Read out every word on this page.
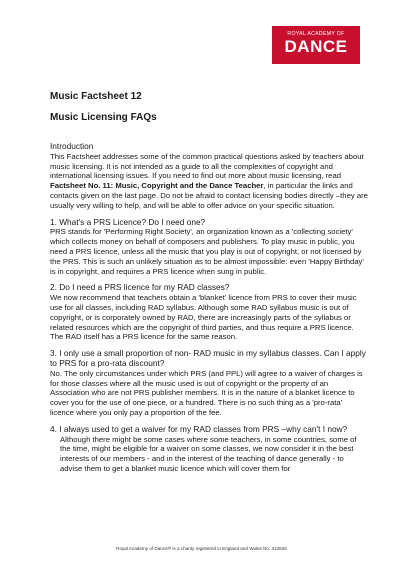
ROYAL ACADEMY OF
DANCE
Music Factsheet 12
Music Licensing FAQs

Introduction

This Factsheet addresses some of the common practical questions asked by teachers about music licensing. It is not intended as a guide to all the complexities of copyright and international licensing issues. If you need to find out more about music licensing, read

Factsheet No. 11: Music, Copyright and the Dance Teacher, in particular the links and contacts given on the last page. Do not be afraid to contact licensing bodies directly –they are usually very willing to help, and will be able to offer advice on your specific situation.

1. What's a PRS Licence? Do I need one?

PRS stands for 'Performing Right Society', an organization known as a 'collecting society' which collects money on behalf of composers and publishers. To play music in public, you need a PRS licence, unless all the music that you play is out of copyright, or not licensed by the PRS. This is such an unlikely situation as to be almost impossible: even 'Happy Birthday' is in copyright, and requires a PRS licence when sung in public.

2. Do I need a PRS licence for my RAD classes?

We now recommend that teachers obtain a 'blanket' licence from PRS to cover their music use for all classes, including RAD syllabus. Although some RAD syllabus music is out of copyright, or is corporately owned by RAD, there are increasingly parts of the syllabus or related resources which are the copyright of third parties, and thus require a PRS licence. The RAD itself has a PRS licence for the same reason.

3. I only use a small proportion of non- RAD music in my syllabus classes. Can I apply to PRS for a pro-rata discount?

No. The only circumstances under which PRS (and PPL) will agree to a waiver of charges is for those classes where all the music used is out of copyright or the property of an Association who are not PRS publisher members. It is in the nature of a blanket licence to cover you for the use of one piece, or a hundred. There is no such thing as a 'pro-rata' licence where you only pay a proportion of the fee.

4. I always used to get a waiver for my RAD classes from PRS –why can't I now?

Although there might be some cases where some teachers, in some countries, some of the time, might be eligible for a waiver on some classes, we now consider it in the best interests of our members - and in the interest of the teaching of dance generally - to advise them to get a blanket music licence which will cover them for

Royal Academy of Dance® is a charity registered in England and Wales No. 312826
